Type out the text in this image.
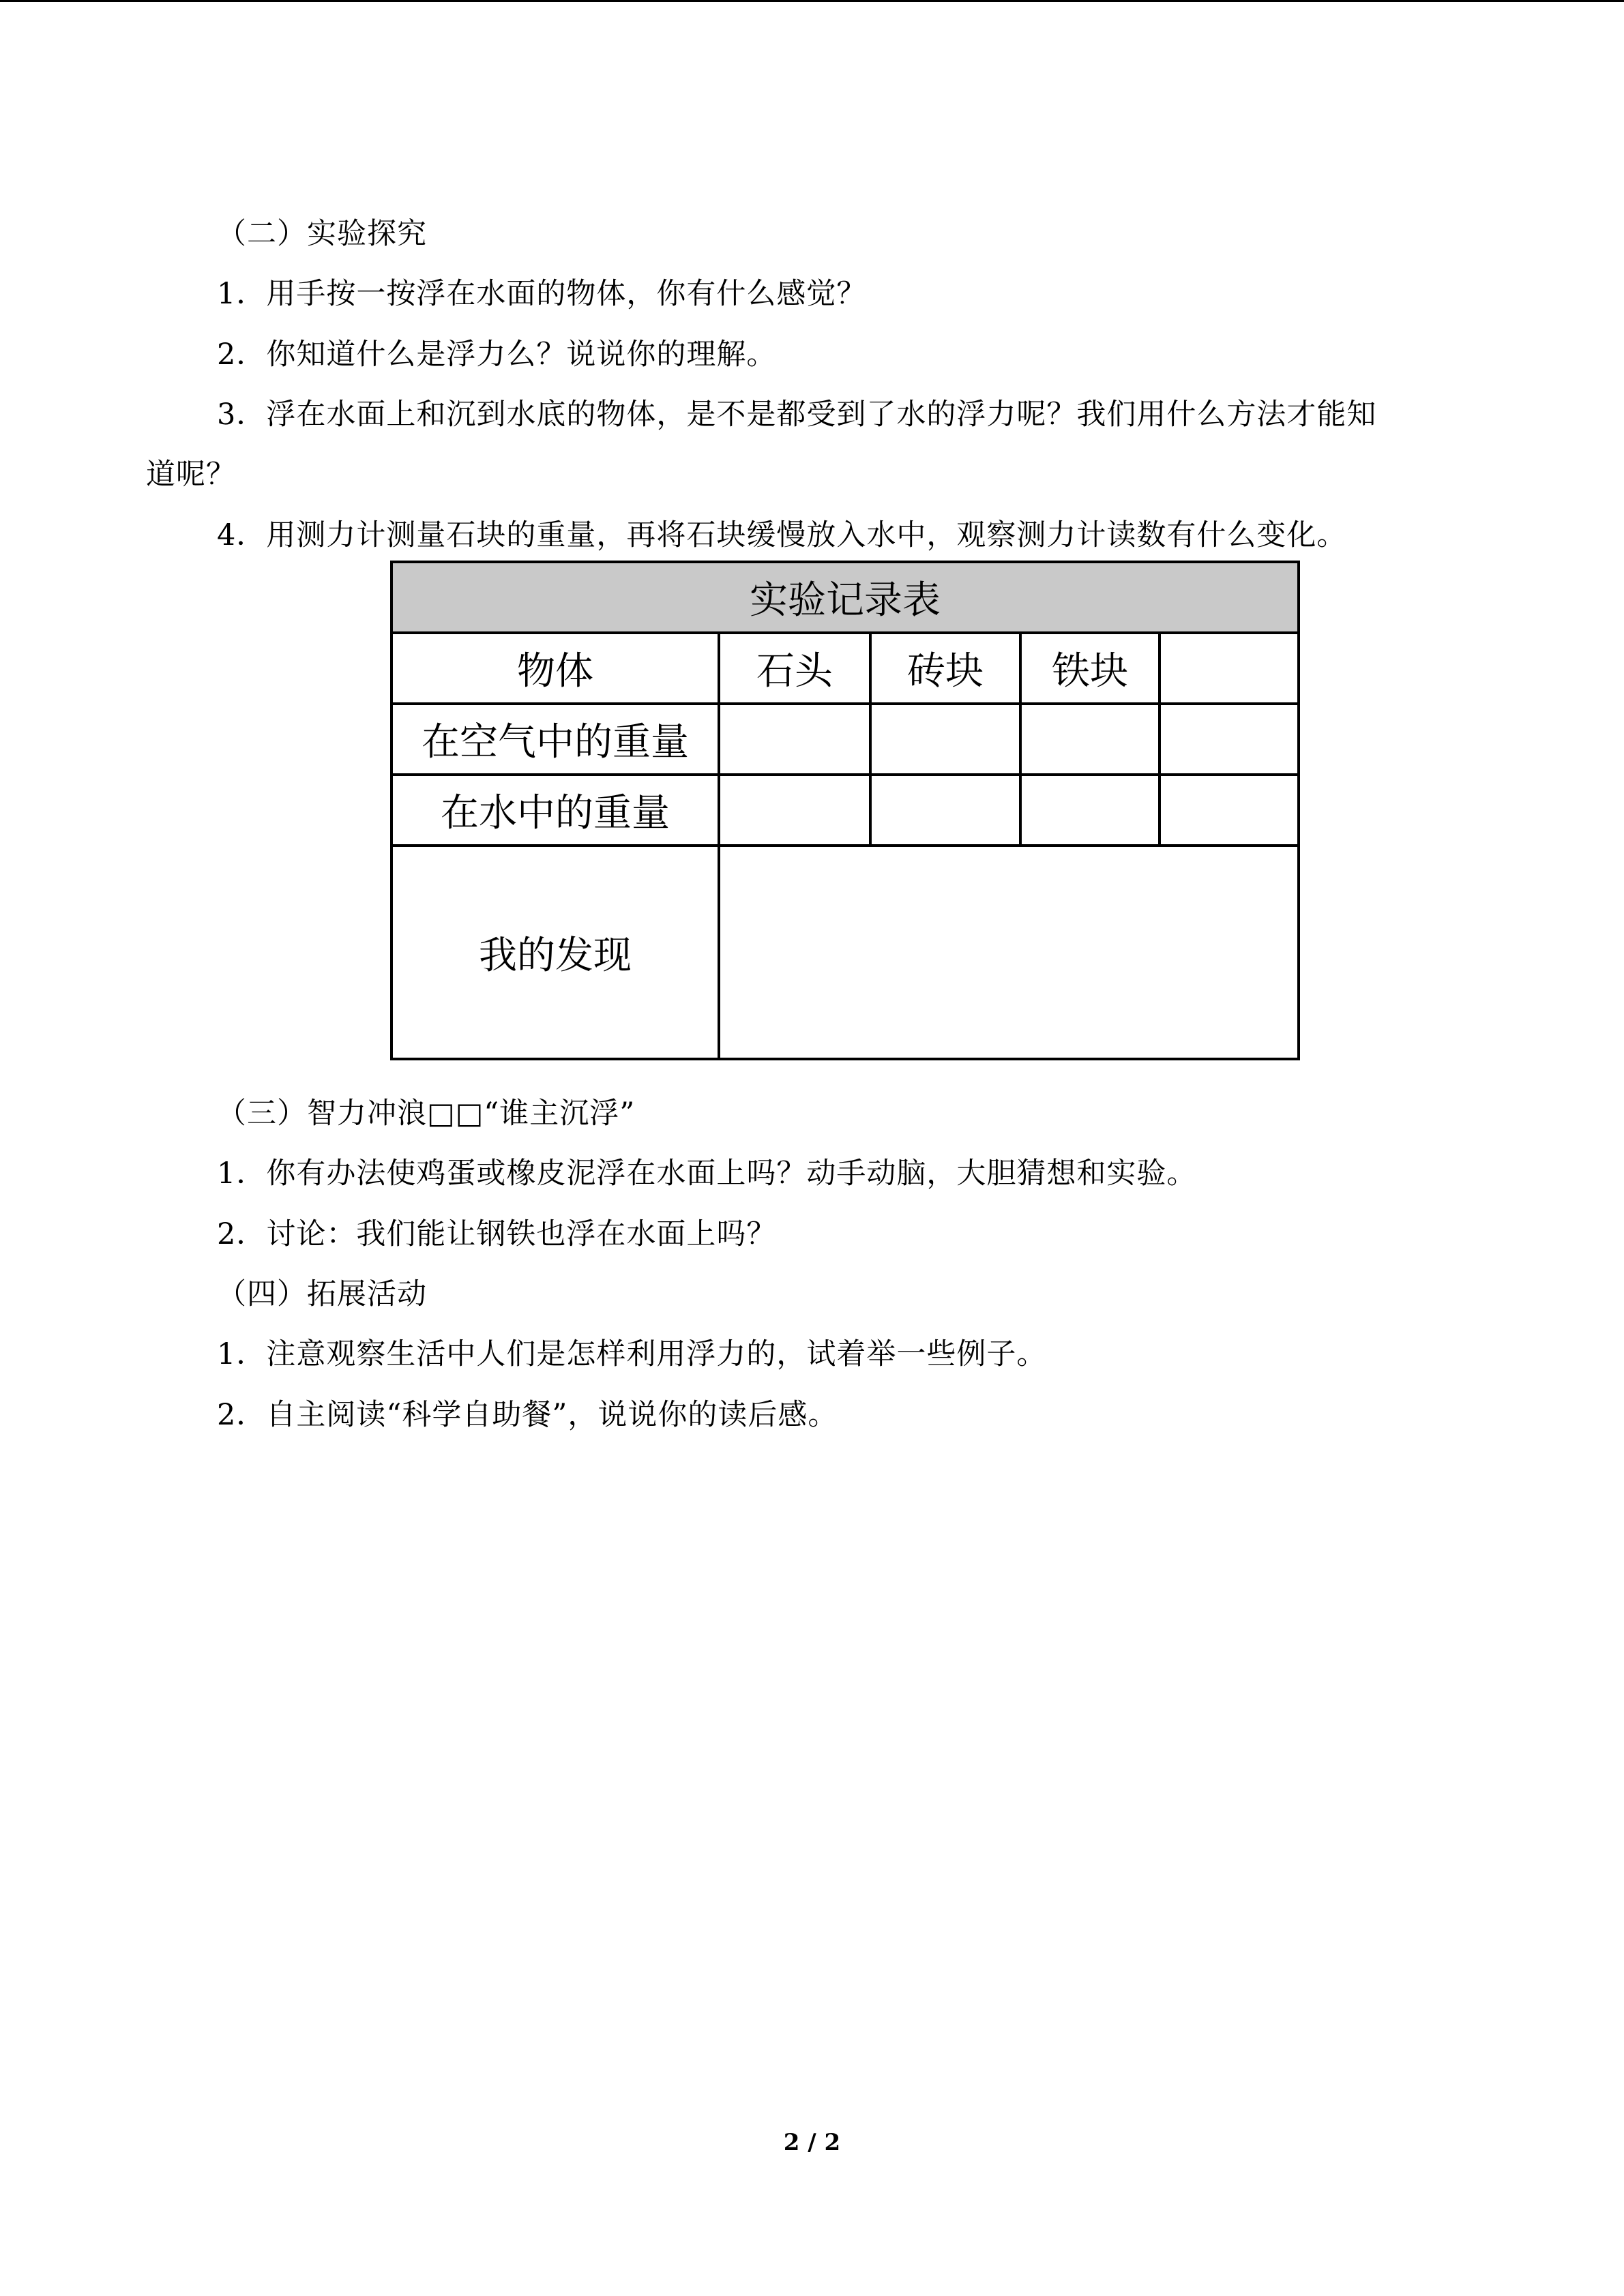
（二）实验探究
1．用手按一按浮在水面的物体，你有什么感觉？
2．你知道什么是浮力么？说说你的理解。
3．浮在水面上和沉到水底的物体，是不是都受到了水的浮力呢？我们用什么方法才能知
道呢？
4．用测力计测量石块的重量，再将石块缓慢放入水中，观察测力计读数有什么变化。
实验记录表				
物体	石头	砖块	铁块	
在空气中的重量				
在水中的重量				
我的发现				
（三）智力冲浪□□“谁主沉浮”
1．你有办法使鸡蛋或橡皮泥浮在水面上吗？动手动脑，大胆猜想和实验。
2．讨论：我们能让钢铁也浮在水面上吗？
（四）拓展活动
1．注意观察生活中人们是怎样利用浮力的，试着举一些例子。
2．自主阅读“科学自助餐”，说说你的读后感。
2 / 2
